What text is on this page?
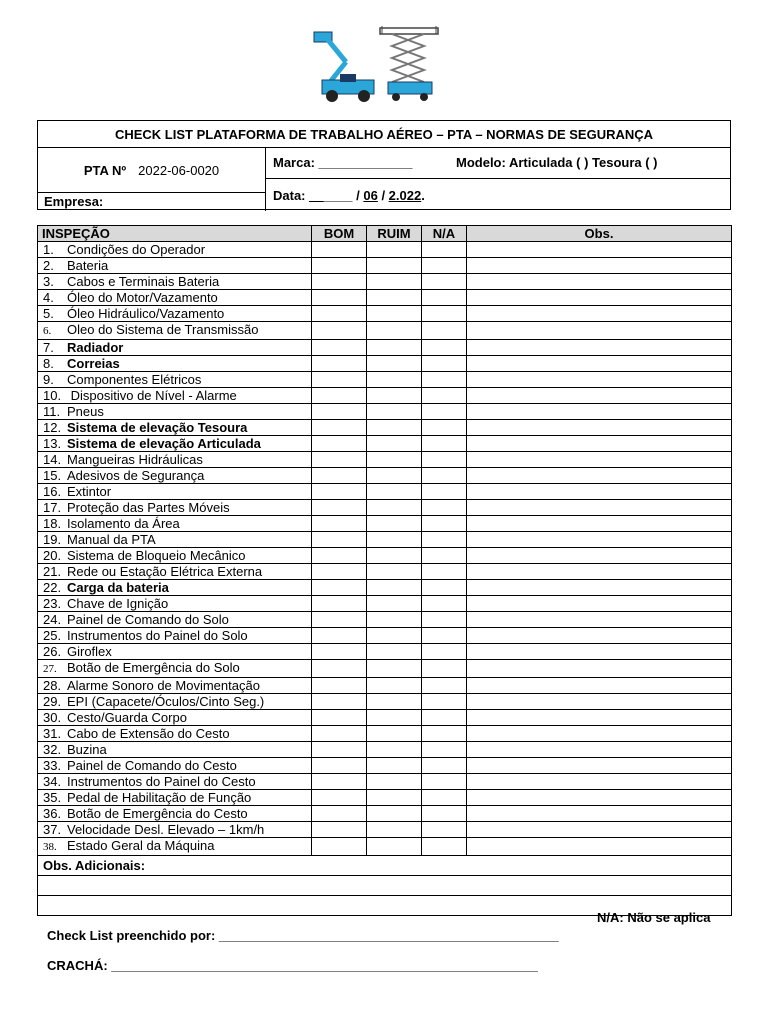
CHECK LIST PLATAFORMA DE TRABALHO AÉREO – PTA – NORMAS DE SEGURANÇA
PTA Nº 2022-06-0020
Empresa:
Marca: _____________	Modelo: Articulada ( ) Tesoura ( )
Data: ______ / 06 / 2.022.
INSPEÇÃO	BOM	RUIM	N/A	Obs.
1. Condições do Operador				
2. Bateria				
3. Cabos e Terminais Bateria				
4. Óleo do Motor/Vazamento				
5. Óleo Hidráulico/Vazamento				
6. Oleo do Sistema de Transmissão				
7. Radiador				
8. Correias				
9. Componentes Elétricos				
10. Dispositivo de Nível - Alarme				
11. Pneus				
12. Sistema de elevação Tesoura				
13. Sistema de elevação Articulada				
14. Mangueiras Hidráulicas				
15. Adesivos de Segurança				
16. Extintor				
17. Proteção das Partes Móveis				
18. Isolamento da Área				
19. Manual da PTA				
20. Sistema de Bloqueio Mecânico				
21. Rede ou Estação Elétrica Externa				
22. Carga da bateria				
23. Chave de Ignição				
24. Painel de Comando do Solo				
25. Instrumentos do Painel do Solo				
26. Giroflex				
27. Botão de Emergência do Solo				
28. Alarme Sonoro de Movimentação				
29. EPI (Capacete/Óculos/Cinto Seg.)				
30. Cesto/Guarda Corpo				
31. Cabo de Extensão do Cesto				
32. Buzina				
33. Painel de Comando do Cesto				
34. Instrumentos do Painel do Cesto				
35. Pedal de Habilitação de Função				
36. Botão de Emergência do Cesto				
37. Velocidade Desl. Elevado – 1km/h				
38. Estado Geral da Máquina				
Obs. Adicionais:				

N/A: Não se aplica
Check List preenchido por: _______________________________________________
CRACHÁ: ___________________________________________________________
